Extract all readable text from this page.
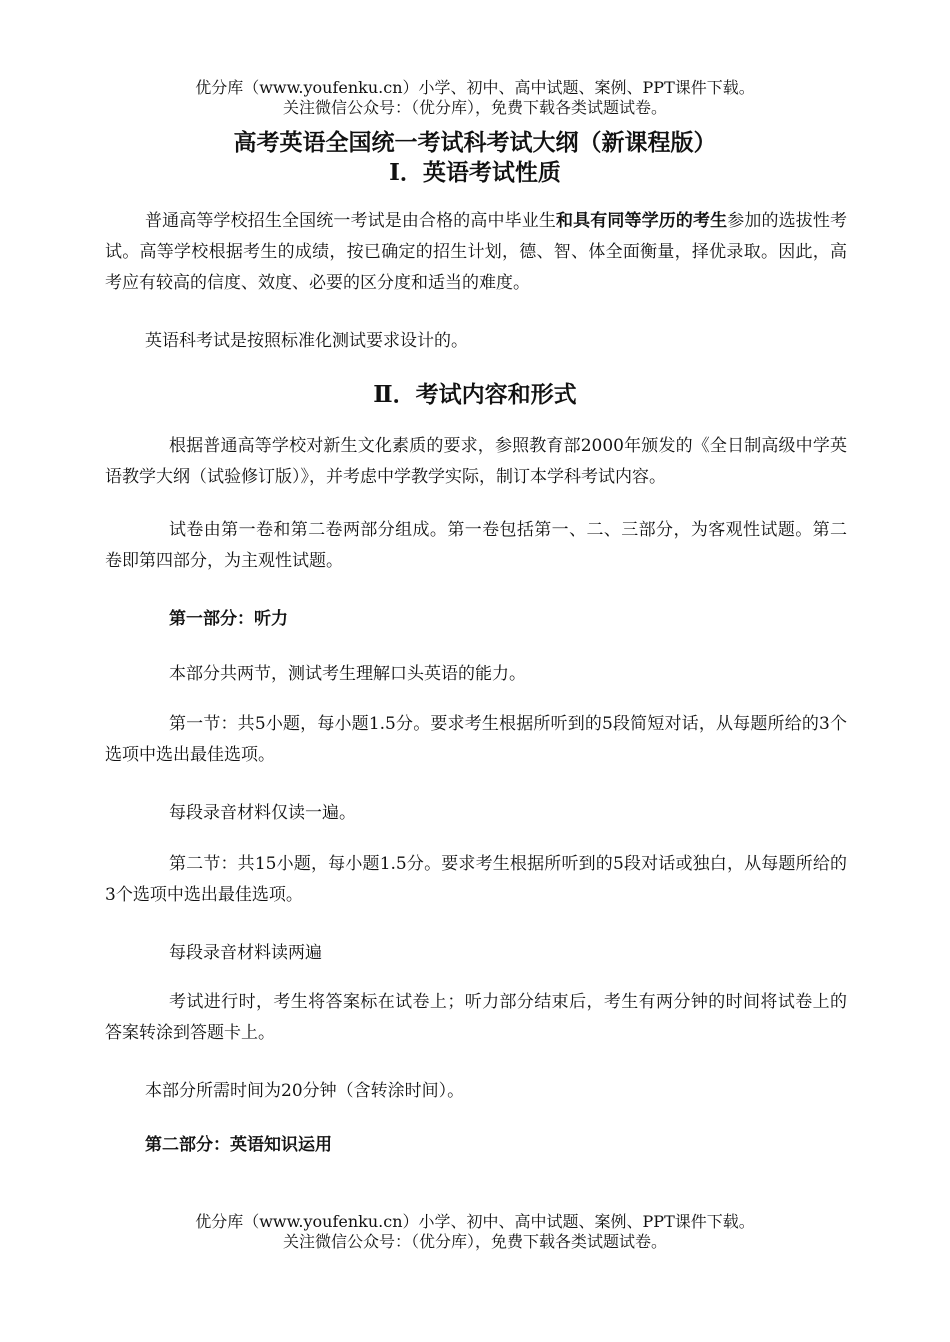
优分库（www.youfenku.cn）小学、初中、高中试题、案例、PPT课件下载。
关注微信公众号：（优分库），免费下载各类试题试卷。
高考英语全国统一考试科考试大纲（新课程版）
Ⅰ．英语考试性质

普通高等学校招生全国统一考试是由合格的高中毕业生和具有同等学历的考生参加的选拔性考试。高等学校根据考生的成绩，按已确定的招生计划，德、智、体全面衡量，择优录取。因此，高考应有较高的信度、效度、必要的区分度和适当的难度。

英语科考试是按照标准化测试要求设计的。
Ⅱ．考试内容和形式

根据普通高等学校对新生文化素质的要求，参照教育部2000年颁发的《全日制高级中学英语教学大纲（试验修订版）》，并考虑中学教学实际，制订本学科考试内容。

试卷由第一卷和第二卷两部分组成。第一卷包括第一、二、三部分，为客观性试题。第二卷即第四部分，为主观性试题。

第一部分：听力
本部分共两节，测试考生理解口头英语的能力。

第一节：共5小题，每小题1.5分。要求考生根据所听到的5段简短对话，从每题所给的3个选项中选出最佳选项。

每段录音材料仅读一遍。

第二节：共15小题，每小题1.5分。要求考生根据所听到的5段对话或独白，从每题所给的3个选项中选出最佳选项。

每段录音材料读两遍

考试进行时，考生将答案标在试卷上；听力部分结束后，考生有两分钟的时间将试卷上的答案转涂到答题卡上。

本部分所需时间为20分钟（含转涂时间）。
第二部分：英语知识运用
优分库（www.youfenku.cn）小学、初中、高中试题、案例、PPT课件下载。
关注微信公众号：（优分库），免费下载各类试题试卷。
